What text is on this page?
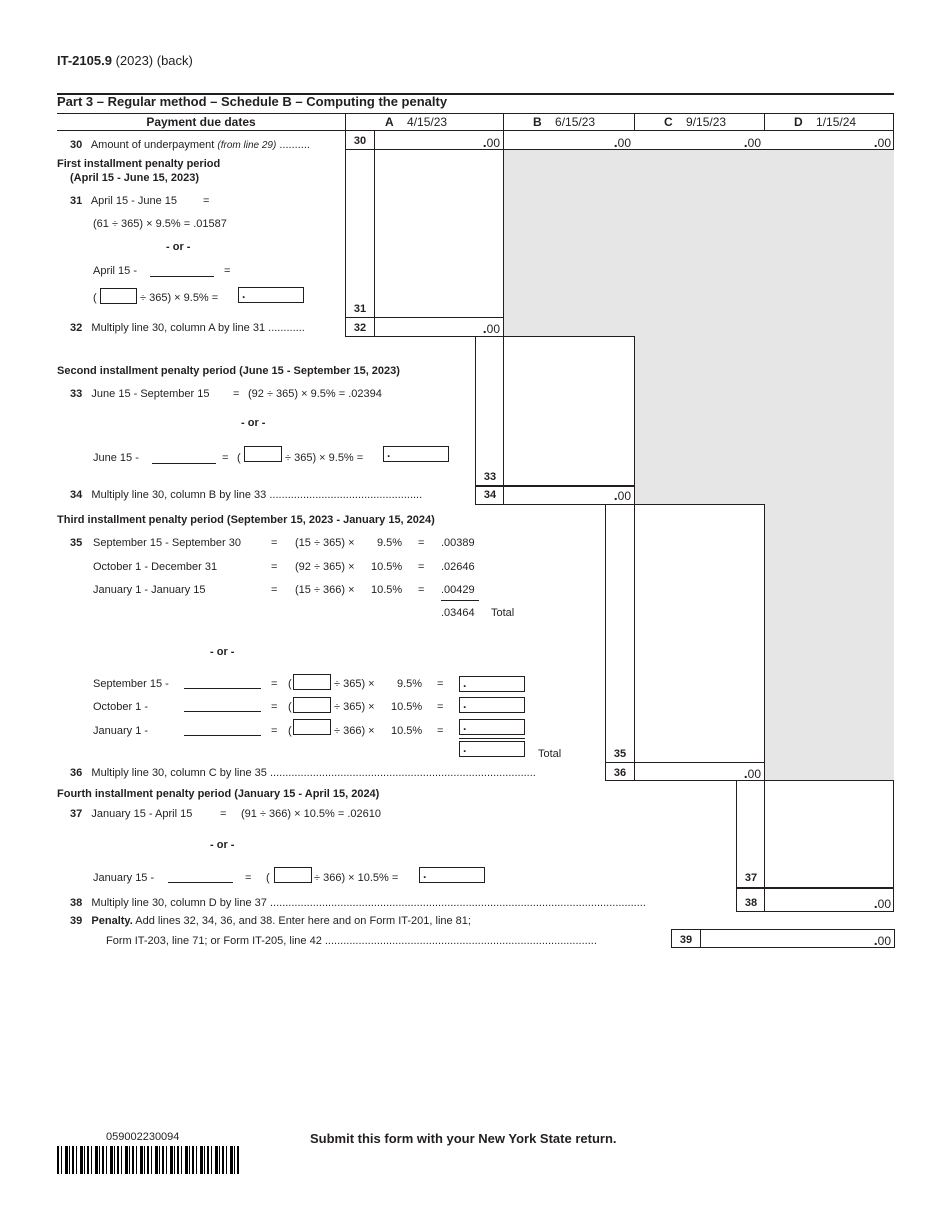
IT-2105.9 (2023) (back)
Part 3 – Regular method – Schedule B – Computing the penalty
Payment due dates	A 4/15/23	B 6/15/23	C 9/15/23	D 1/15/24
30 Amount of underpayment (from line 29) ..........	30	.00	.00	.00	.00
First installment penalty period
(April 15 - June 15, 2023)
31 April 15 - June 15 =
(61 ÷ 365) × 9.5% = .01587
- or -
April 15 -	=
(	÷ 365) × 9.5% = .
31
32 Multiply line 30, column A by line 31 ............	32	.00
Second installment penalty period (June 15 - September 15, 2023)
33 June 15 - September 15 = (92 ÷ 365) × 9.5% = .02394
- or -
June 15 -	= (	÷ 365) × 9.5% = .
33
34 Multiply line 30, column B by line 33 ..................................................	34	.00
Third installment penalty period (September 15, 2023 - January 15, 2024)
35 September 15 - September 30	= (15 ÷ 365) × 9.5% = .00389
October 1 - December 31	= (92 ÷ 365) × 10.5% = .02646
January 1 - January 15	= (15 ÷ 366) × 10.5% = .00429
.03464 Total
- or -
September 15 -	= (	÷ 365) × 9.5% = .
October 1 -	= (	÷ 365) × 10.5% = .
January 1 -	= (	÷ 366) × 10.5% = .
.	Total	35
36 Multiply line 30, column C by line 35 .......................................................................................	36	.00
Fourth installment penalty period (January 15 - April 15, 2024)
37 January 15 - April 15	= (91 ÷ 366) × 10.5% = .02610
- or -
January 15 -	= (	÷ 366) × 10.5% = .	37
38 Multiply line 30, column D by line 37 ...........................................................................................................................	38	.00
39 Penalty. Add lines 32, 34, 36, and 38. Enter here and on Form IT-201, line 81;
Form IT-203, line 71; or Form IT-205, line 42 .........................................................................................	39	.00
059002230094	Submit this form with your New York State return.
